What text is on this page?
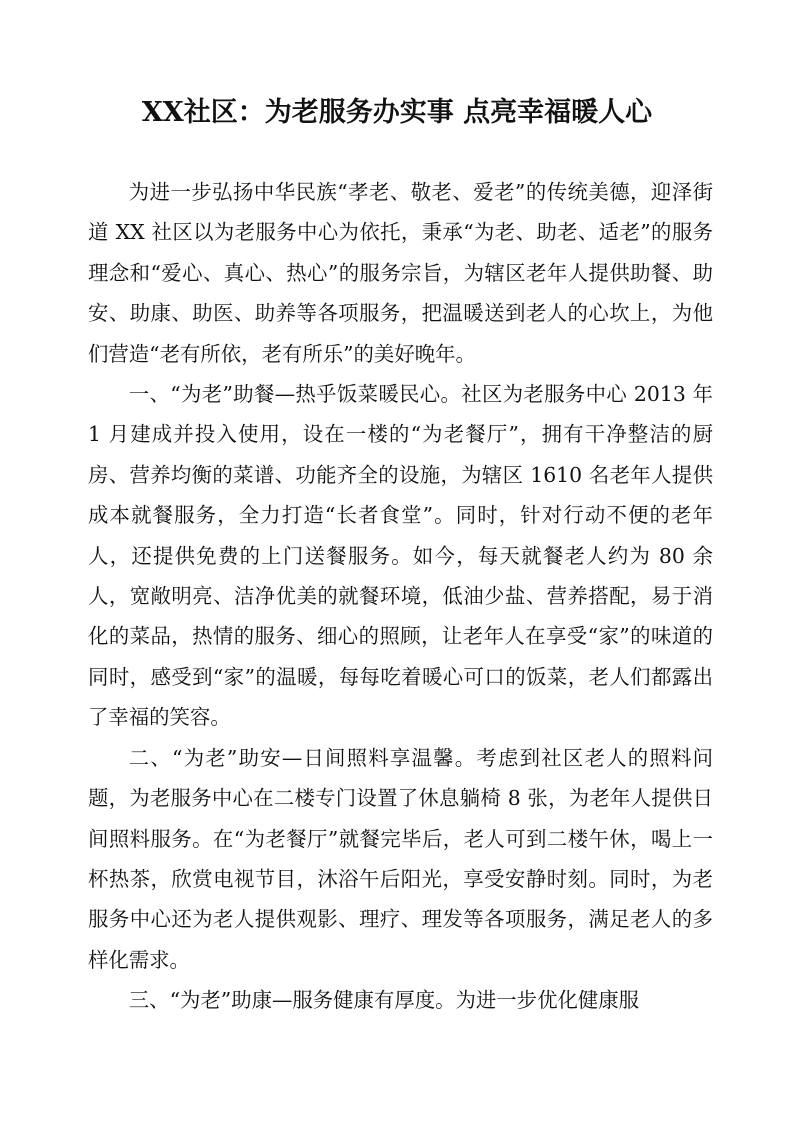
XX社区：为老服务办实事 点亮幸福暖人心

为进一步弘扬中华民族“孝老、敬老、爱老”的传统美德，迎泽街道 XX 社区以为老服务中心为依托，秉承“为老、助老、适老”的服务理念和“爱心、真心、热心”的服务宗旨，为辖区老年人提供助餐、助安、助康、助医、助养等各项服务，把温暖送到老人的心坎上，为他们营造“老有所依，老有所乐”的美好晚年。

一、“为老”助餐—热乎饭菜暖民心。社区为老服务中心 2013 年 1 月建成并投入使用，设在一楼的“为老餐厅”，拥有干净整洁的厨房、营养均衡的菜谱、功能齐全的设施，为辖区 1610 名老年人提供成本就餐服务，全力打造“长者食堂”。同时，针对行动不便的老年人，还提供免费的上门送餐服务。如今，每天就餐老人约为 80 余人，宽敞明亮、洁净优美的就餐环境，低油少盐、营养搭配，易于消化的菜品，热情的服务、细心的照顾，让老年人在享受“家”的味道的同时，感受到“家”的温暖，每每吃着暖心可口的饭菜，老人们都露出了幸福的笑容。

二、“为老”助安—日间照料享温馨。考虑到社区老人的照料问题，为老服务中心在二楼专门设置了休息躺椅 8 张，为老年人提供日间照料服务。在“为老餐厅”就餐完毕后，老人可到二楼午休，喝上一杯热茶，欣赏电视节目，沐浴午后阳光，享受安静时刻。同时，为老服务中心还为老人提供观影、理疗、理发等各项服务，满足老人的多样化需求。

三、“为老”助康—服务健康有厚度。为进一步优化健康服
